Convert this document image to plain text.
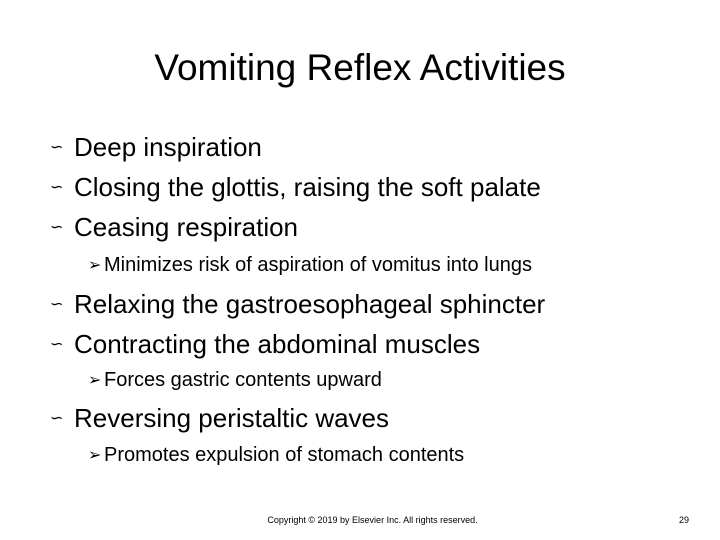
Vomiting Reflex Activities
∽ Deep inspiration
∽ Closing the glottis, raising the soft palate
∽ Ceasing respiration
➢ Minimizes risk of aspiration of vomitus into lungs
∽ Relaxing the gastroesophageal sphincter
∽ Contracting the abdominal muscles
➢ Forces gastric contents upward
∽ Reversing peristaltic waves
➢ Promotes expulsion of stomach contents
Copyright © 2019 by Elsevier Inc. All rights reserved.	29
